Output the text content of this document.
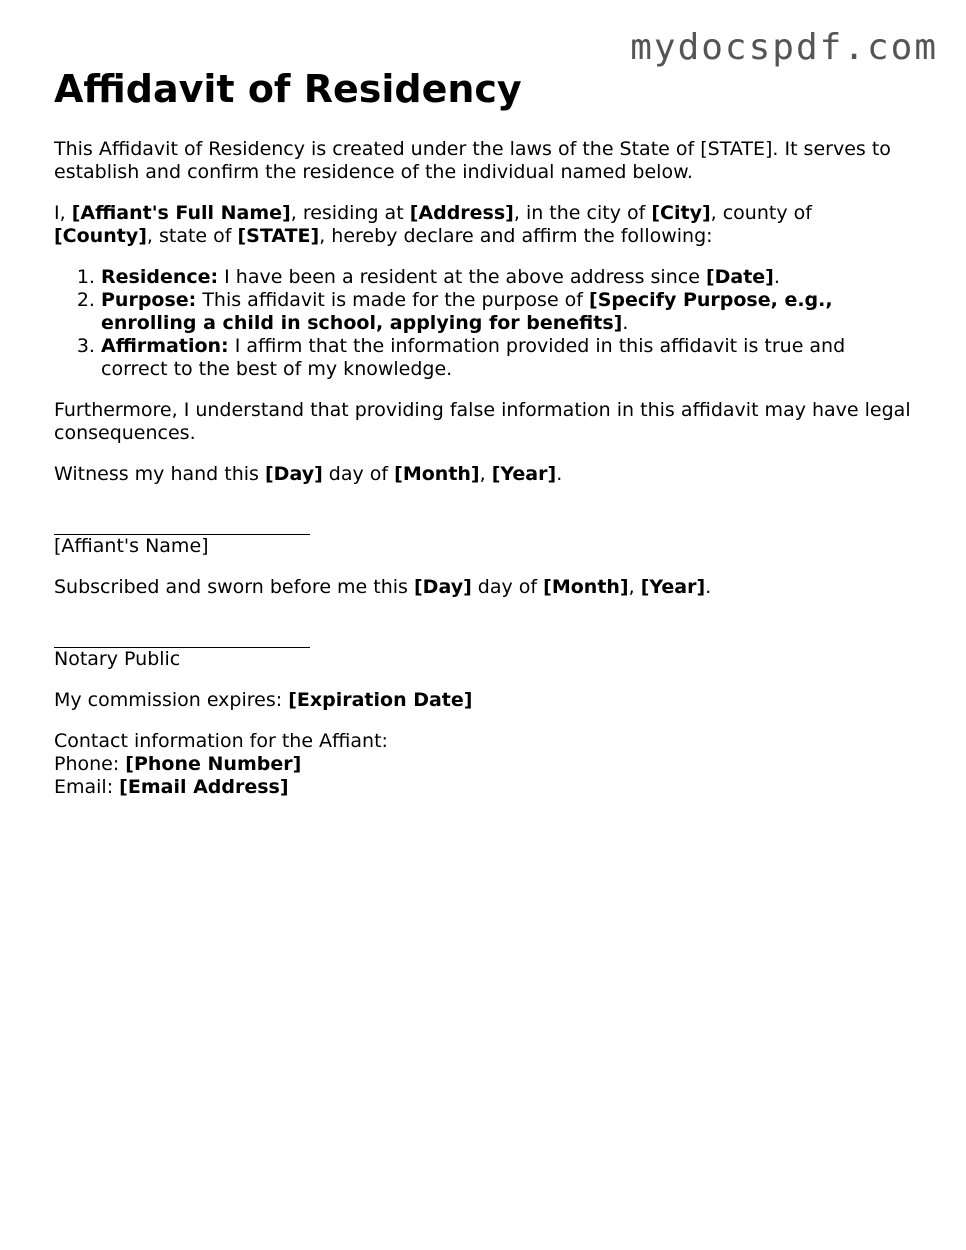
mydocspdf.com
Affidavit of Residency

This Affidavit of Residency is created under the laws of the State of [STATE]. It serves to establish and confirm the residence of the individual named below.

I, [Affiant's Full Name], residing at [Address], in the city of [City], county of [County], state of [STATE], hereby declare and affirm the following:

1. Residence: I have been a resident at the above address since [Date].
2. Purpose: This affidavit is made for the purpose of [Specify Purpose, e.g., enrolling a child in school, applying for benefits].
3. Affirmation: I affirm that the information provided in this affidavit is true and correct to the best of my knowledge.

Furthermore, I understand that providing false information in this affidavit may have legal consequences.

Witness my hand this [Day] day of [Month], [Year].

[Affiant's Name]

Subscribed and sworn before me this [Day] day of [Month], [Year].

Notary Public

My commission expires: [Expiration Date]

Contact information for the Affiant:
Phone: [Phone Number]
Email: [Email Address]
